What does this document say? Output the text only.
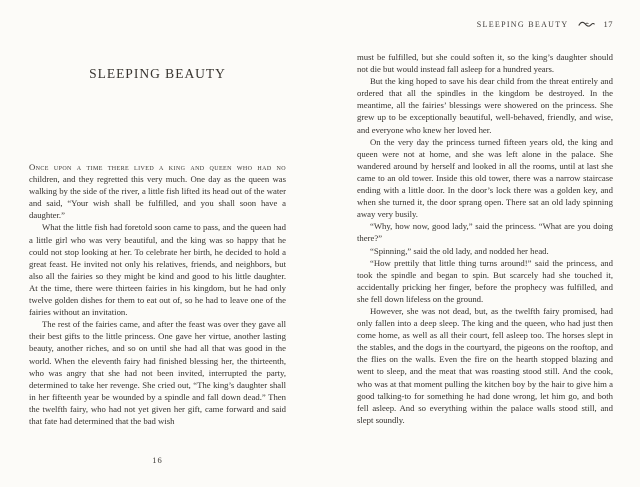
SLEEPING BEAUTY

Once upon a time there lived a king and queen who had no children, and they regretted this very much. One day as the queen was walking by the side of the river, a little fish lifted its head out of the water and said, “Your wish shall be fulfilled, and you shall soon have a daughter.”

What the little fish had foretold soon came to pass, and the queen had a little girl who was very beautiful, and the king was so happy that he could not stop looking at her. To celebrate her birth, he decided to hold a great feast. He invited not only his relatives, friends, and neighbors, but also all the fairies so they might be kind and good to his little daughter. At the time, there were thirteen fairies in his kingdom, but he had only twelve golden dishes for them to eat out of, so he had to leave one of the fairies without an invitation.

The rest of the fairies came, and after the feast was over they gave all their best gifts to the little princess. One gave her virtue, another lasting beauty, another riches, and so on until she had all that was good in the world. When the eleventh fairy had finished blessing her, the thirteenth, who was angry that she had not been invited, interrupted the party, determined to take her revenge. She cried out, “The king’s daughter shall in her fifteenth year be wounded by a spindle and fall down dead.” Then the twelfth fairy, who had not yet given her gift, came forward and said that fate had determined that the bad wish

16
SLEEPING BEAUTY	17

must be fulfilled, but she could soften it, so the king’s daughter should not die but would instead fall asleep for a hundred years.

But the king hoped to save his dear child from the threat entirely and ordered that all the spindles in the kingdom be destroyed. In the meantime, all the fairies’ blessings were showered on the princess. She grew up to be exceptionally beautiful, well-behaved, friendly, and wise, and everyone who knew her loved her.

On the very day the princess turned fifteen years old, the king and queen were not at home, and she was left alone in the palace. She wandered around by herself and looked in all the rooms, until at last she came to an old tower. Inside this old tower, there was a narrow staircase ending with a little door. In the door’s lock there was a golden key, and when she turned it, the door sprang open. There sat an old lady spinning away very busily.

“Why, how now, good lady,” said the princess. “What are you doing there?”

“Spinning,” said the old lady, and nodded her head.

“How prettily that little thing turns around!” said the princess, and took the spindle and began to spin. But scarcely had she touched it, accidentally pricking her finger, before the prophecy was fulfilled, and she fell down lifeless on the ground.

However, she was not dead, but, as the twelfth fairy promised, had only fallen into a deep sleep. The king and the queen, who had just then come home, as well as all their court, fell asleep too. The horses slept in the stables, and the dogs in the courtyard, the pigeons on the rooftop, and the flies on the walls. Even the fire on the hearth stopped blazing and went to sleep, and the meat that was roasting stood still. And the cook, who was at that moment pulling the kitchen boy by the hair to give him a good talking-to for something he had done wrong, let him go, and both fell asleep. And so everything within the palace walls stood still, and slept soundly.
